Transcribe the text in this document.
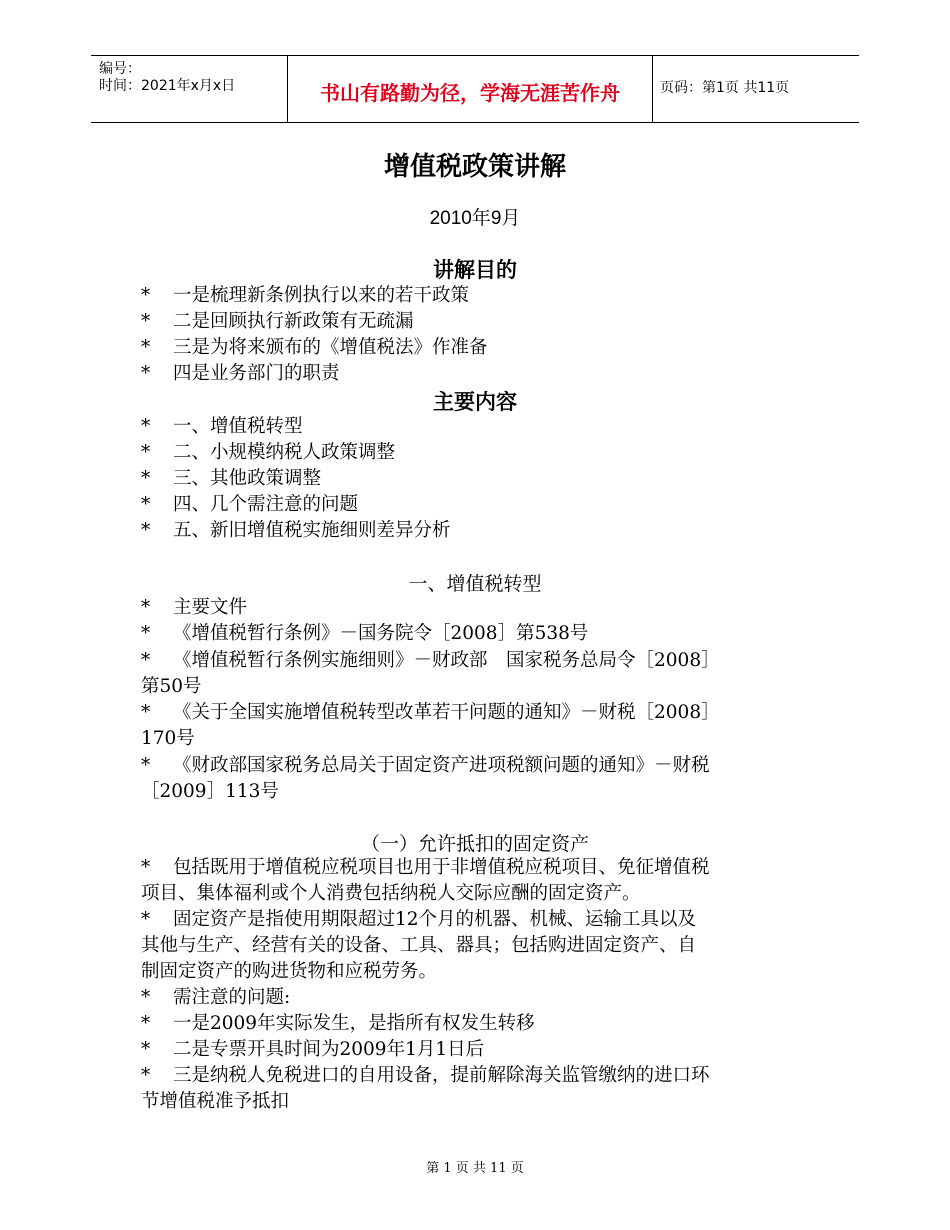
编号：
时间：2021年x月x日	书山有路勤为径，学海无涯苦作舟	页码：第1页 共11页
增值税政策讲解
2010年9月
讲解目的
* 一是梳理新条例执行以来的若干政策
* 二是回顾执行新政策有无疏漏
* 三是为将来颁布的《增值税法》作准备
* 四是业务部门的职责
主要内容
* 一、增值税转型
* 二、小规模纳税人政策调整
* 三、其他政策调整
* 四、几个需注意的问题
* 五、新旧增值税实施细则差异分析
一、增值税转型
* 主要文件
* 《增值税暂行条例》－国务院令［2008］第538号
* 《增值税暂行条例实施细则》－财政部　国家税务总局令［2008］
第50号
* 《关于全国实施增值税转型改革若干问题的通知》－财税［2008］
170号
* 《财政部国家税务总局关于固定资产进项税额问题的通知》－财税
［2009］113号
（一）允许抵扣的固定资产
* 包括既用于增值税应税项目也用于非增值税应税项目、免征增值税
项目、集体福利或个人消费包括纳税人交际应酬的固定资产。
* 固定资产是指使用期限超过12个月的机器、机械、运输工具以及
其他与生产、经营有关的设备、工具、器具；包括购进固定资产、自
制固定资产的购进货物和应税劳务。
* 需注意的问题:
* 一是2009年实际发生，是指所有权发生转移
* 二是专票开具时间为2009年1月1日后
* 三是纳税人免税进口的自用设备，提前解除海关监管缴纳的进口环
节增值税准予抵扣
第 1 页 共 11 页
